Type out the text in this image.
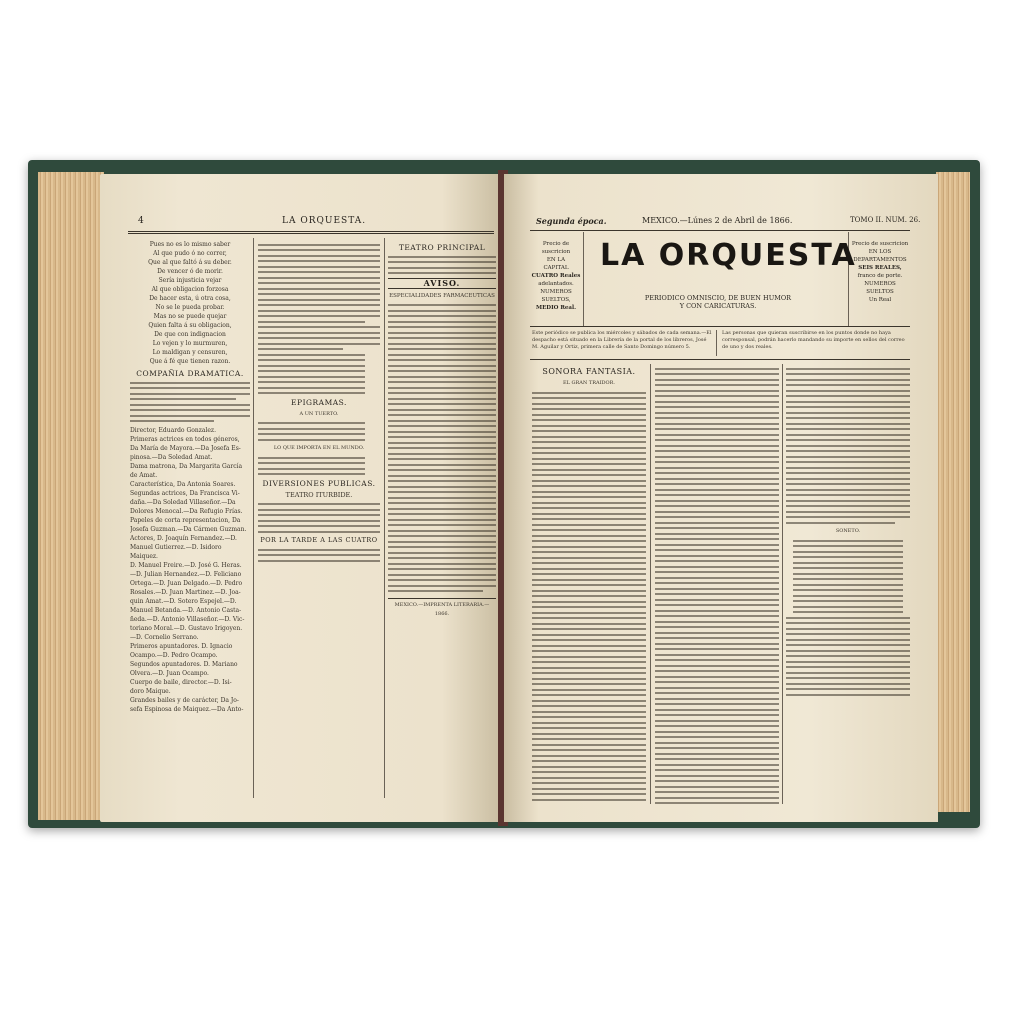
4	LA ORQUESTA.
Pues no es lo mismo saber
Al que pudo ó no correr,
Que al que faltó á su deber.
De vencer ó de morir.
Sería injusticia vejar
Al que obligacion forzosa
De hacer esta, ú otra cosa,
No se le pueda probar.
Mas no se puede quejar
Quien falta á su obligacion,
De que con indignacion
Lo vejen y lo murmuren,
Lo maldigan y censuren,
Que á fé que tienen razon.
COMPAÑIA DRAMATICA.
Director, Eduardo Gonzalez.
Primeras actrices en todos géneros,
Da María de Mayora.—Da Josefa Es-
pinosa.—Da Soledad Amat.
Dama matrona, Da Margarita García
de Amat.
Característica, Da Antonia Soares.
Segundas actrices, Da Francisca Vi-
daña.—Da Soledad Villaseñor.—Da
Dolores Menocal.—Da Refugio Frías.
Papeles de corta representacion, Da
Josefa Guzman.—Da Cármen Guzman.
Actores, D. Joaquín Fernandez.—D.
Manuel Gutierrez.—D. Isidoro Maiquez.
D. Manuel Freire.—D. José G. Heras.
—D. Julian Hernandez.—D. Feliciano
Ortega.—D. Juan Delgado.—D. Pedro
Rosales.—D. Juan Martinez.—D. Joa-
quin Amat.—D. Sotero Espejel.—D.
Manuel Betanda.—D. Antonio Casta-
ñeda.—D. Antonio Villaseñor.—D. Vic-
toriano Moral.—D. Gustavo Irigoyen.
—D. Cornelio Serrano.
Primeros apuntadores. D. Ignacio
Ocampo.—D. Pedro Ocampo.
Segundos apuntadores. D. Mariano
Olvera.—D. Juan Ocampo.
Cuerpo de baile, director.—D. Isi-
doro Maique.
Grandes bailes y de carácter, Da Jo-
sefa Espinosa de Maiquez.—Da Anto-
EPIGRAMAS.
A UN TUERTO.
LO QUE IMPORTA EN EL MUNDO.
DIVERSIONES PUBLICAS.
TEATRO ITURBIDE.
POR LA TARDE A LAS CUATRO
TEATRO PRINCIPAL
AVISO.
ESPECIALIDADES FARMACEUTICAS
MEXICO.—IMPRENTA LITERARIA.—1866.
Segunda época.	MEXICO.—Lúnes 2 de Abril de 1866.	TOMO II. NUM. 26.
Precio de suscricion
EN LA
CAPITAL
CUATRO Reales
adelantados.
NUMEROS SUELTOS,
MEDIO Real.
Precio de suscricion
EN LOS
DEPARTAMENTOS
SEIS REALES,
franco de porte.
NUMEROS SUELTOS
Un Real
LA ORQUESTA
PERIODICO OMNISCIO, DE BUEN HUMOR
Y CON CARICATURAS.
Este periódico se publica los miércoles y sábados de cada semana.—El despacho está situado en la Librería de la portal de los libreros, José M. Aguilar y Ortiz, primera calle de Santo Domingo número 5.
Las personas que quieran suscribirse en los puntos donde no haya corresponsal, podrán hacerlo mandando su importe en sellos del correo de uno y dos reales.
SONORA FANTASIA.
EL GRAN TRAIDOR.
SONETO.
